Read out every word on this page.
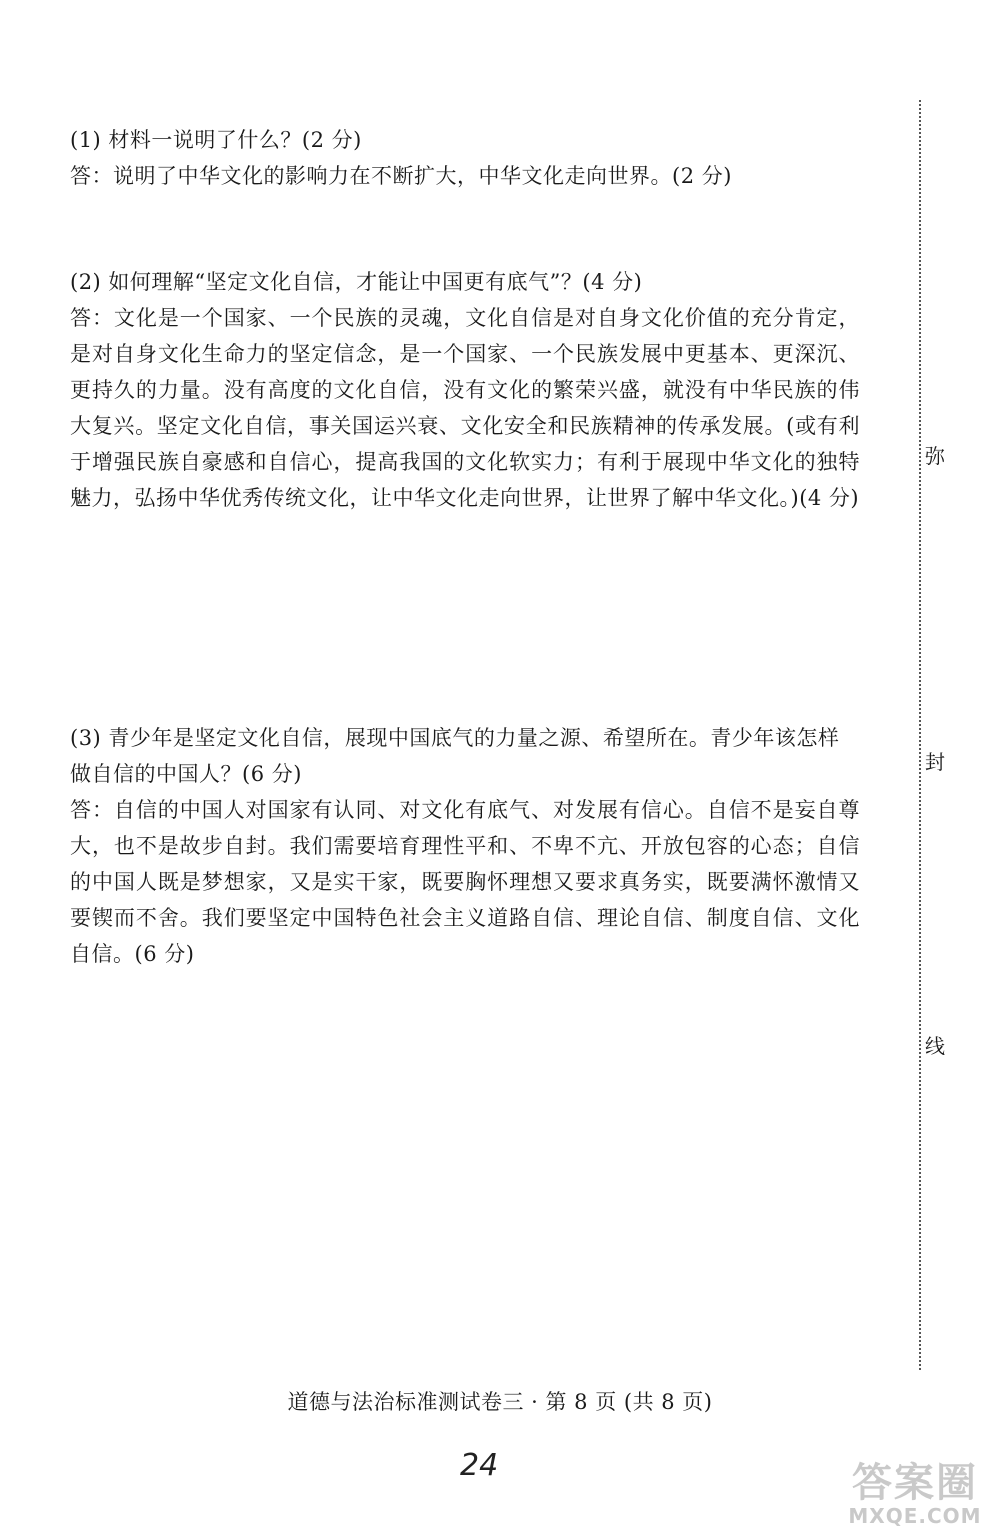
(1) 材料一说明了什么？(2 分)

答：说明了中华文化的影响力在不断扩大，中华文化走向世界。(2 分)

(2) 如何理解“坚定文化自信，才能让中国更有底气”？(4 分)

答：文化是一个国家、一个民族的灵魂，文化自信是对自身文化价值的充分肯定，是对自身文化生命力的坚定信念，是一个国家、一个民族发展中更基本、更深沉、更持久的力量。没有高度的文化自信，没有文化的繁荣兴盛，就没有中华民族的伟大复兴。坚定文化自信，事关国运兴衰、文化安全和民族精神的传承发展。(或有利于增强民族自豪感和自信心，提高我国的文化软实力；有利于展现中华文化的独特魅力，弘扬中华优秀传统文化，让中华文化走向世界，让世界了解中华文化。)(4 分)

(3) 青少年是坚定文化自信，展现中国底气的力量之源、希望所在。青少年该怎样做自信的中国人？(6 分)

答：自信的中国人对国家有认同、对文化有底气、对发展有信心。自信不是妄自尊大，也不是故步自封。我们需要培育理性平和、不卑不亢、开放包容的心态；自信的中国人既是梦想家，又是实干家，既要胸怀理想又要求真务实，既要满怀激情又要锲而不舍。我们要坚定中国特色社会主义道路自信、理论自信、制度自信、文化自信。(6 分)

弥
封
线
道德与法治标准测试卷三 · 第 8 页 (共 8 页)
24	答案圈
MXQE.COM
